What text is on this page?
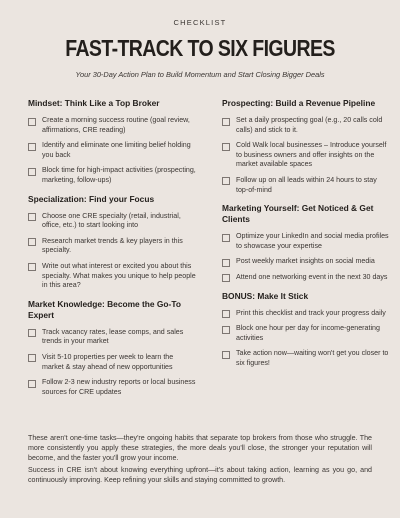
CHECKLIST
FAST-TRACK TO SIX FIGURES
Your 30-Day Action Plan to Build Momentum and Start Closing Bigger Deals
Mindset: Think Like a Top Broker
Create a morning success routine (goal review, affirmations, CRE reading)
Identify and eliminate one limiting belief holding you back
Block time for high-impact activities (prospecting, marketing, follow-ups)
Specialization: Find your Focus
Choose one CRE specialty (retail, industrial, office, etc.) to start looking into
Research market trends & key players in this specialty.
Write out what interest or excited you about this specialty. What makes you unique to help people in this area?
Market Knowledge: Become the Go-To Expert
Track vacancy rates, lease comps, and sales trends in your market
Visit 5-10 properties per week to learn the market & stay ahead of new opportunities
Follow 2-3 new industry reports or local business sources for CRE updates
Prospecting: Build a Revenue Pipeline
Set a daily prospecting goal (e.g., 20 calls cold calls) and stick to it.
Cold Walk local businesses – Introduce yourself to business owners and offer insights on the market available spaces
Follow up on all leads within 24 hours to stay top-of-mind
Marketing Yourself: Get Noticed & Get Clients
Optimize your LinkedIn and social media profiles to showcase your expertise
Post weekly market insights on social media
Attend one networking event in the next 30 days
BONUS: Make It Stick
Print this checklist and track your progress daily
Block one hour per day for income-generating activities
Take action now—waiting won't get you closer to six figures!

These aren't one-time tasks—they're ongoing habits that separate top brokers from those who struggle. The more consistently you apply these strategies, the more deals you'll close, the stronger your reputation will become, and the faster you'll grow your income.

Success in CRE isn't about knowing everything upfront—it's about taking action, learning as you go, and continuously improving. Keep refining your skills and staying committed to growth.
